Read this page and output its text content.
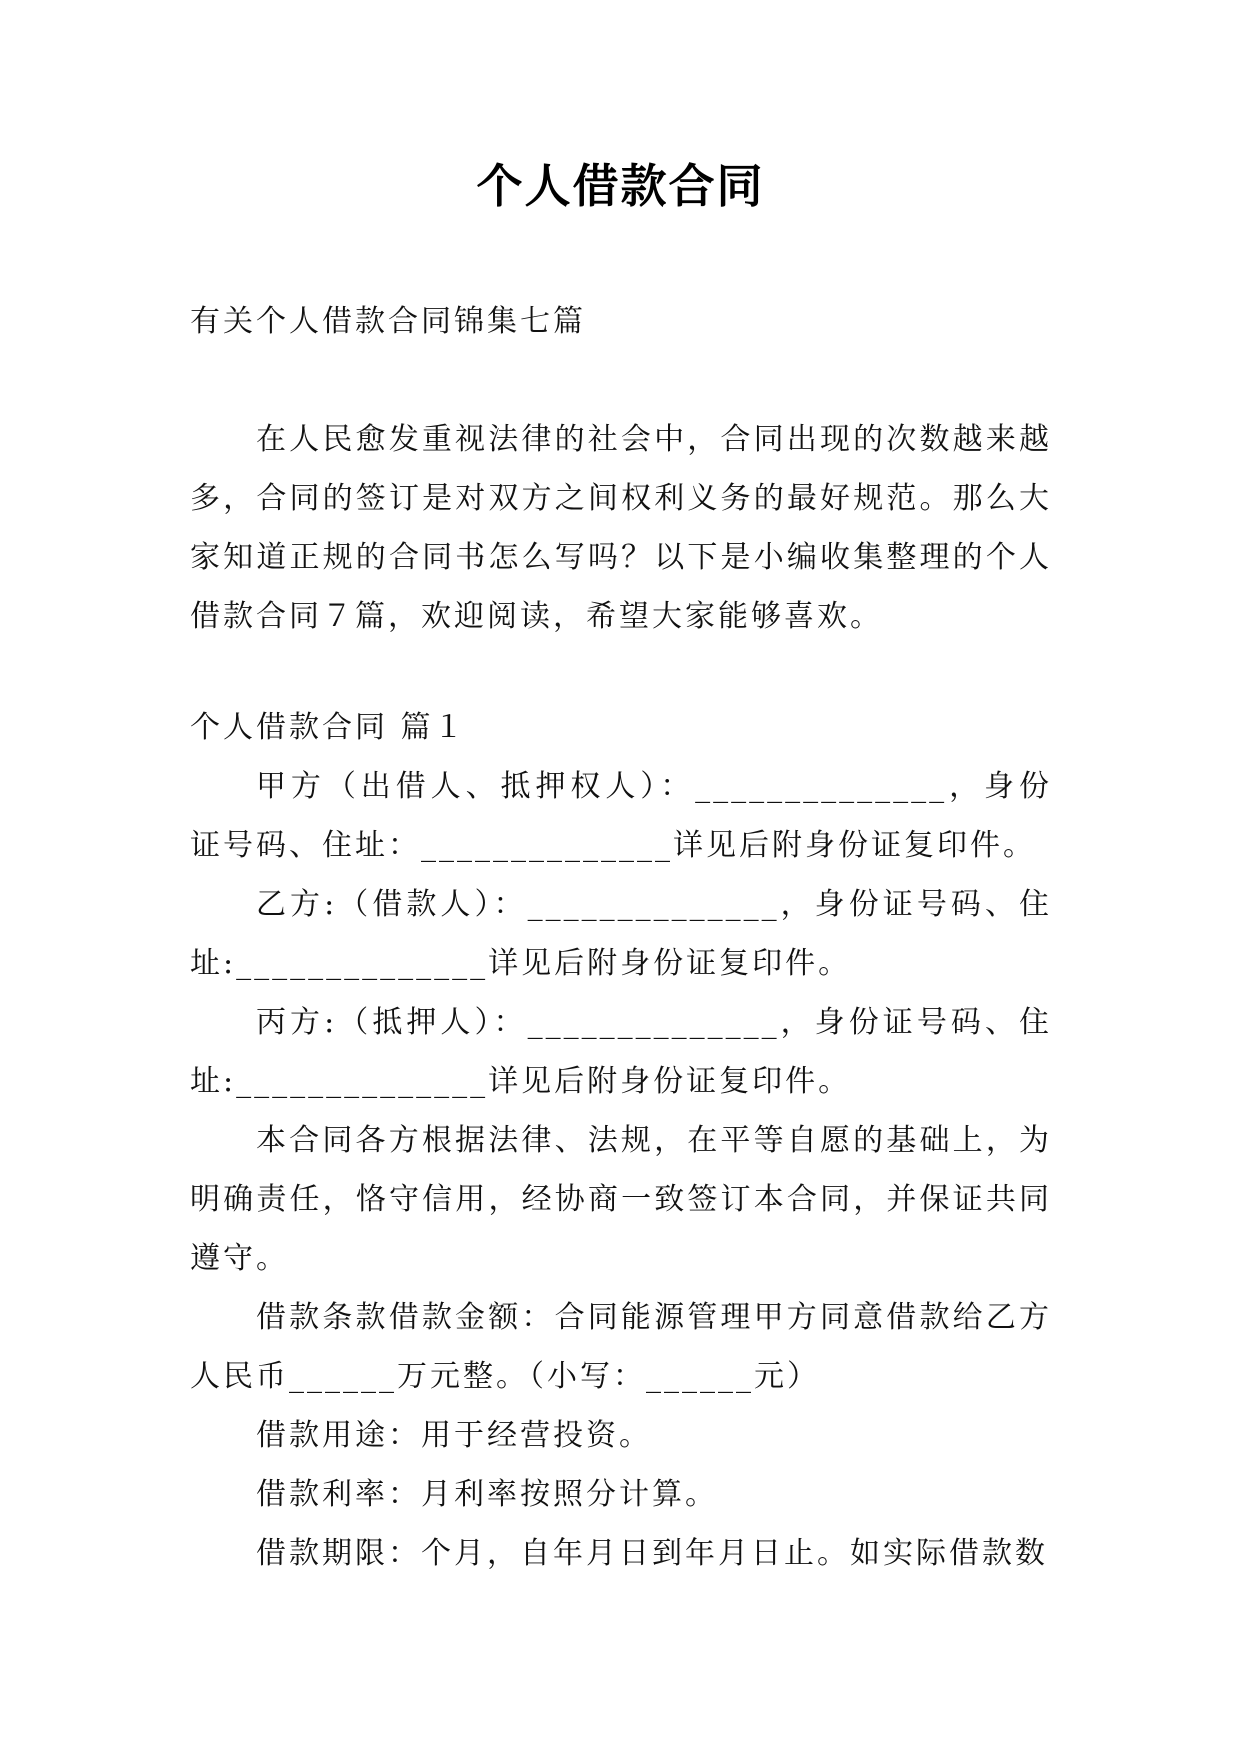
个人借款合同
有关个人借款合同锦集七篇

在人民愈发重视法律的社会中，合同出现的次数越来越多，合同的签订是对双方之间权利义务的最好规范。那么大家知道正规的合同书怎么写吗？以下是小编收集整理的个人借款合同７篇，欢迎阅读，希望大家能够喜欢。

个人借款合同 篇１

甲方（出借人、抵押权人）：______________，身份证号码、住址：______________详见后附身份证复印件。

乙方:（借款人）：______________，身份证号码、住址:______________详见后附身份证复印件。

丙方:（抵押人）：______________，身份证号码、住址:______________详见后附身份证复印件。

本合同各方根据法律、法规，在平等自愿的基础上，为明确责任，恪守信用，经协商一致签订本合同，并保证共同遵守。

借款条款借款金额：合同能源管理甲方同意借款给乙方人民币______万元整。（小写：______元）

借款用途：用于经营投资。

借款利率：月利率按照分计算。

借款期限：个月，自年月日到年月日止。如实际借款数
